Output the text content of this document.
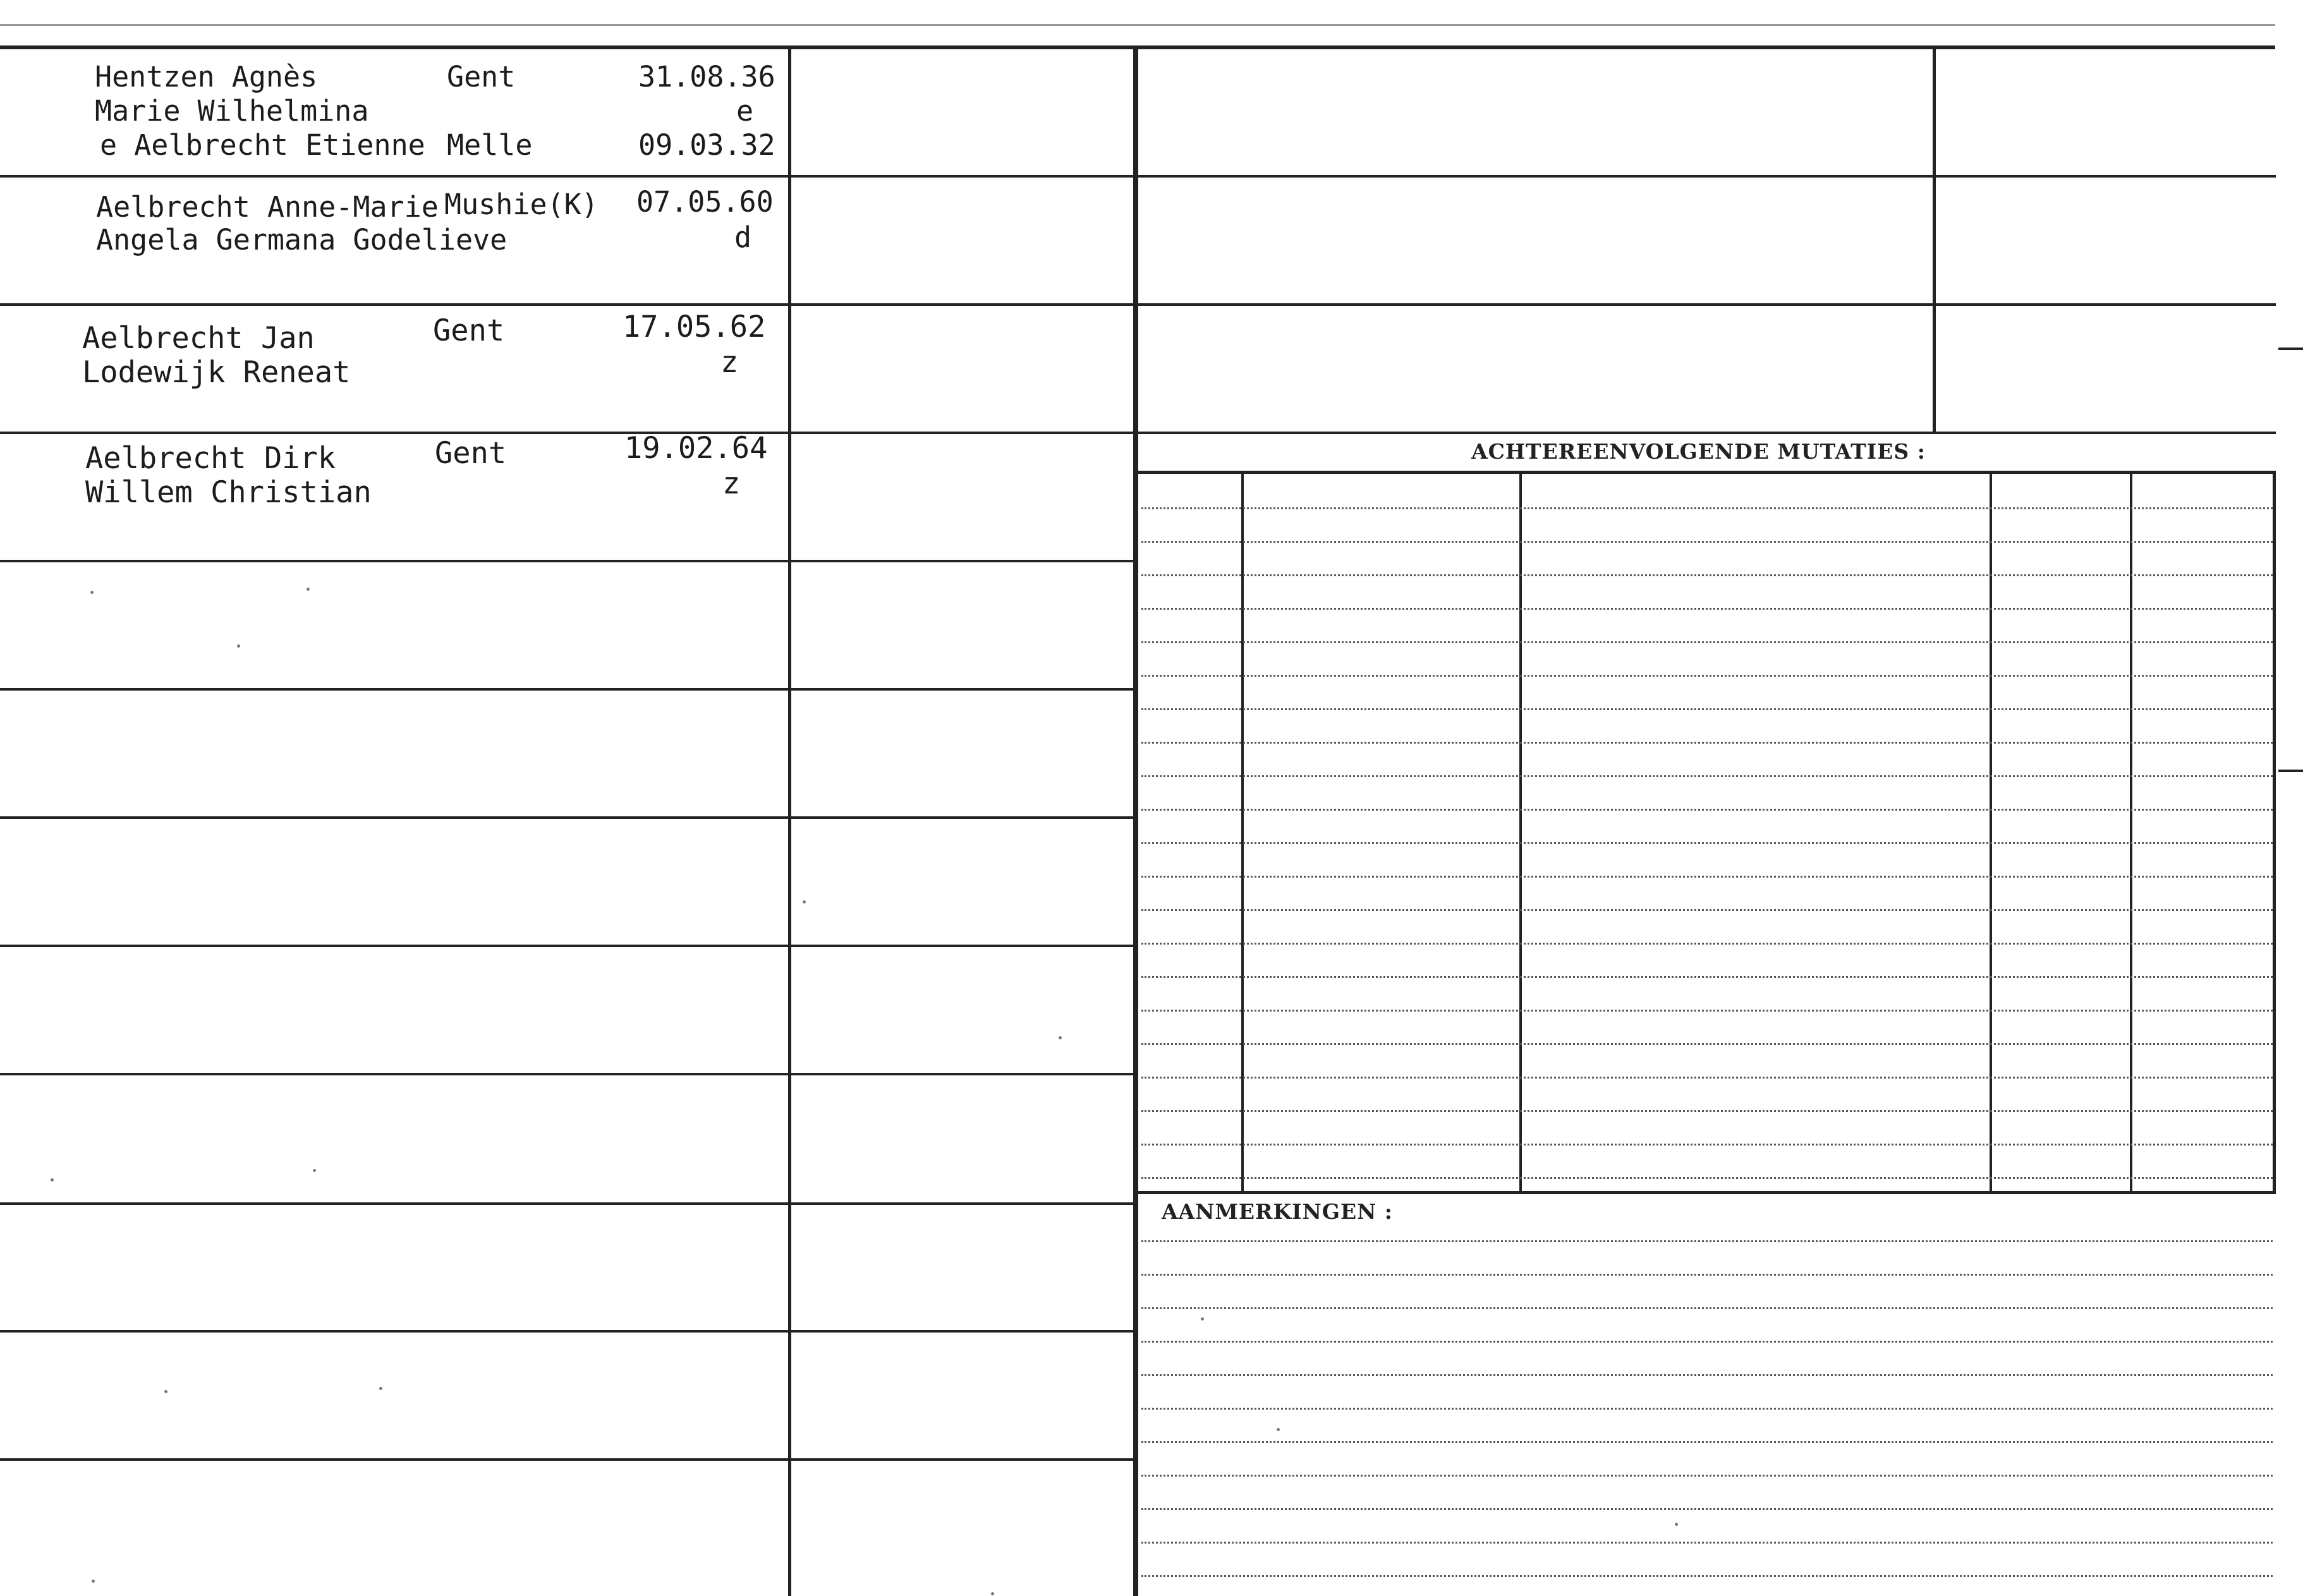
Hentzen Agnès
Marie Wilhelmina
e Aelbrecht Etienne
Gent
Melle
31.08.36
e
09.03.32
Aelbrecht Anne-Marie
Angela Germana Godelieve
Mushie(K) 07.05.60
d
Aelbrecht Jan
Lodewijk Reneat
Gent	17.05.62
z
Aelbrecht Dirk
Willem Christian
Gent	19.02.64
z
ACHTEREENVOLGENDE MUTATIES :
AANMERKINGEN :
